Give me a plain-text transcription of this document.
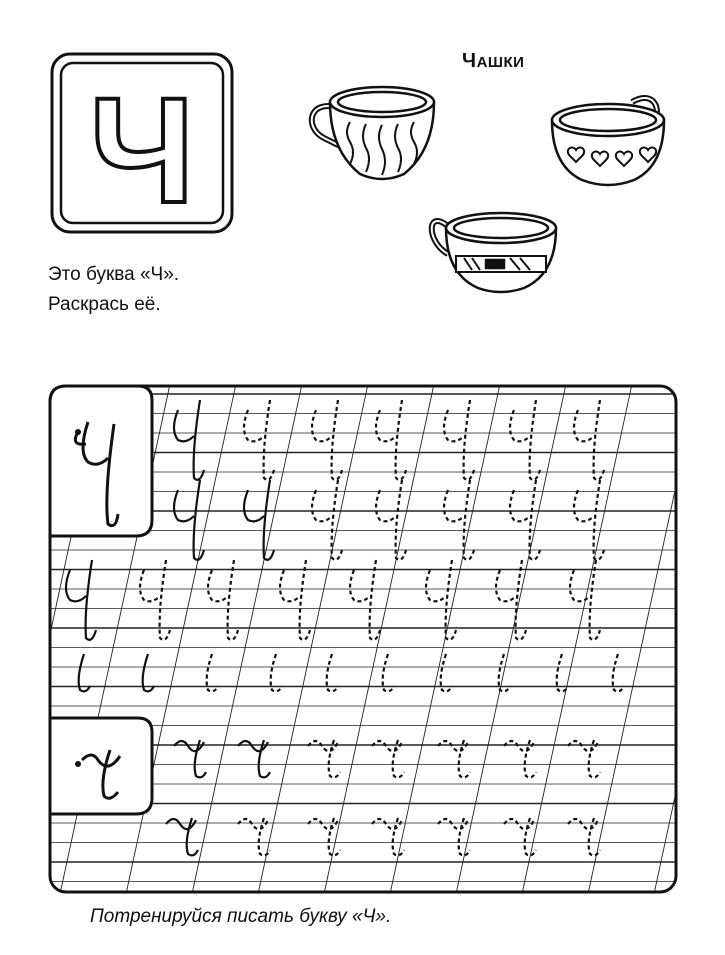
Ч
ЧАШКИ
Это буква «Ч».
Раскрась её.
Потренируйся писать букву «Ч».
